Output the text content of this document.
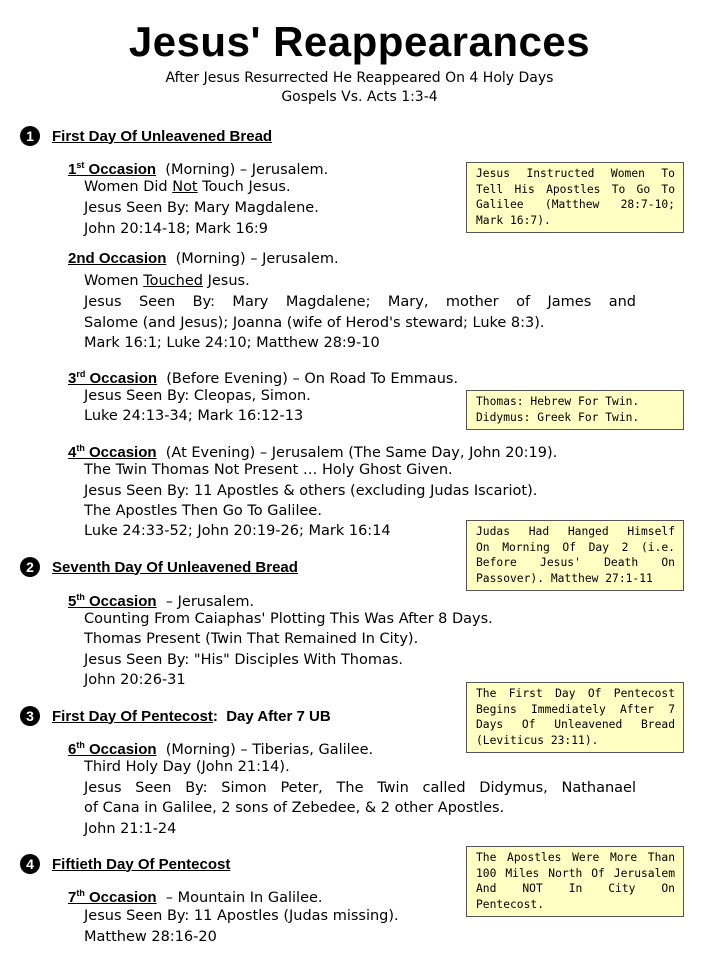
Jesus' Reappearances
After Jesus Resurrected He Reappeared On 4 Holy Days
Gospels Vs. Acts 1:3-4
1	First Day Of Unleavened Bread
1st Occasion (Morning) – Jerusalem.
Women Did Not Touch Jesus.
Jesus Seen By: Mary Magdalene.
John 20:14-18; Mark 16:9
2nd Occasion (Morning) – Jerusalem.
Women Touched Jesus.
Jesus Seen By: Mary Magdalene; Mary, mother of James and
Salome (and Jesus); Joanna (wife of Herod's steward; Luke 8:3).
Mark 16:1; Luke 24:10; Matthew 28:9-10
3rd Occasion (Before Evening) – On Road To Emmaus.
Jesus Seen By: Cleopas, Simon.
Luke 24:13-34; Mark 16:12-13
4th Occasion (At Evening) – Jerusalem (The Same Day, John 20:19).
The Twin Thomas Not Present … Holy Ghost Given.
Jesus Seen By: 11 Apostles & others (excluding Judas Iscariot).
The Apostles Then Go To Galilee.
Luke 24:33-52; John 20:19-26; Mark 16:14
2	Seventh Day Of Unleavened Bread
5th Occasion – Jerusalem.
Counting From Caiaphas' Plotting This Was After 8 Days.
Thomas Present (Twin That Remained In City).
Jesus Seen By: "His" Disciples With Thomas.
John 20:26-31
3	First Day Of Pentecost :  Day After 7 UB
6th Occasion (Morning) – Tiberias, Galilee.
Third Holy Day (John 21:14).
Jesus Seen By: Simon Peter, The Twin called Didymus, Nathanael
of Cana in Galilee, 2 sons of Zebedee, & 2 other Apostles.
John 21:1-24
4	Fiftieth Day Of Pentecost
7th Occasion – Mountain In Galilee.
Jesus Seen By: 11 Apostles (Judas missing).
Matthew 28:16-20
Jesus Instructed Women To
Tell His Apostles To Go To
Galilee (Matthew 28:7-10;
Mark 16:7).
Thomas: Hebrew For Twin.
Didymus: Greek For Twin.
Judas Had Hanged Himself
On Morning Of Day 2 (i.e.
Before Jesus' Death On
Passover). Matthew 27:1-11
The First Day Of Pentecost
Begins Immediately After 7
Days Of Unleavened Bread
(Leviticus 23:11).
The Apostles Were More Than
100 Miles North Of Jerusalem
And NOT In City On
Pentecost.
